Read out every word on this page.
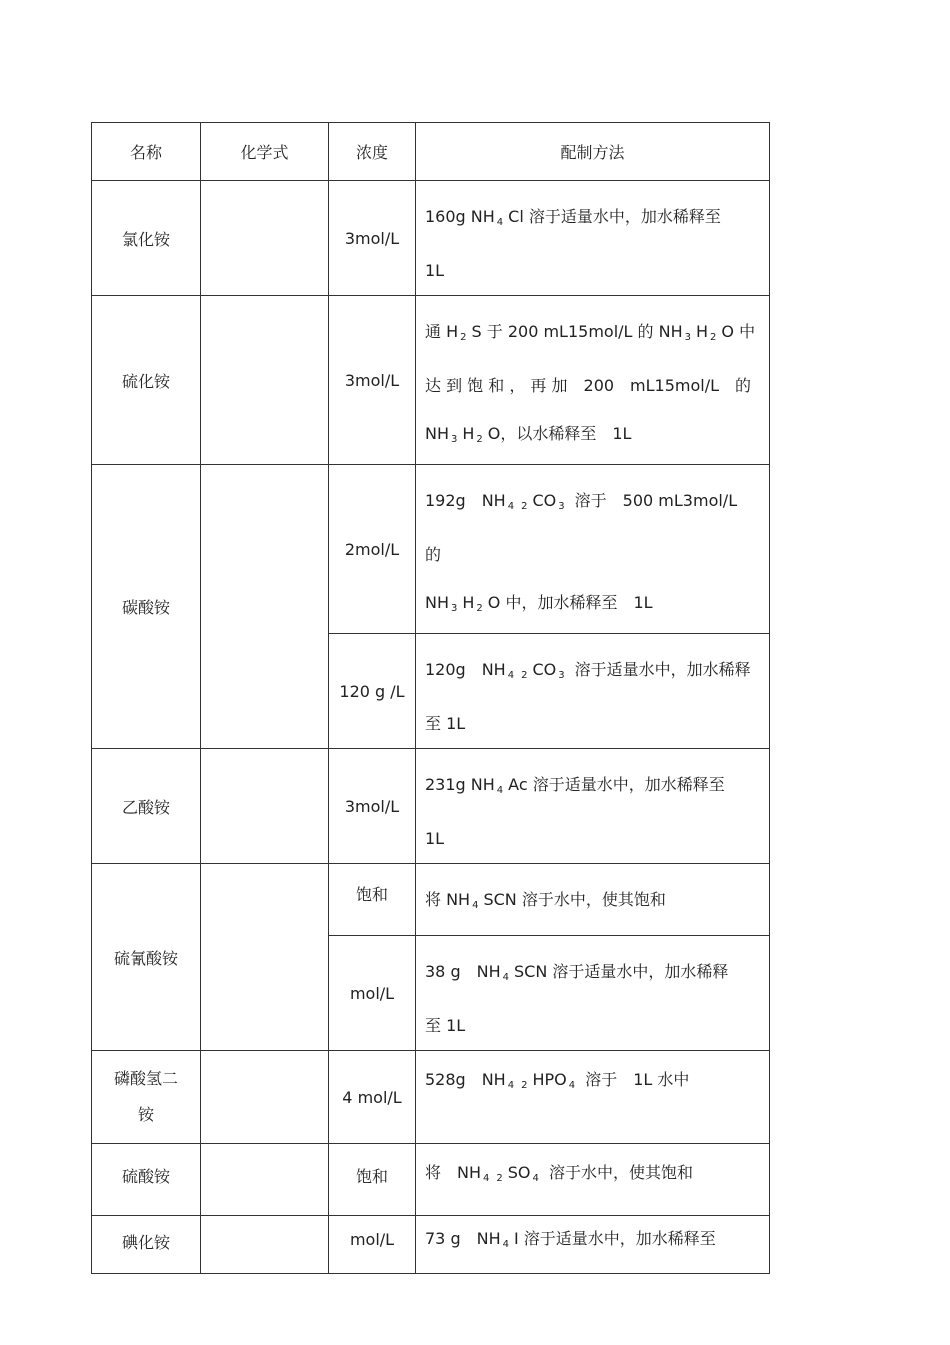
名称	化学式	浓度	配制方法
氯化铵		3mol/L	160g NH $_4$ Cl 溶于适量水中，加水稀释至
1L
硫化铵		3mol/L	通 H $_2$ S 于 200 mL15mol/L 的 NH $_3$ H $_2$ O 中
达 到 饱 和 ， 再 加　200　mL15mol/L　的
NH $_3$ H $_2$ O，以水稀释至　1L
碳酸铵		2mol/L	192g　NH $_4$ $_2$ CO $_3$ 溶于　500 mL3mol/L　的
NH $_3$ H $_2$ O 中，加水稀释至　1L
		120 g /L	120g　NH $_4$ $_2$ CO $_3$ 溶于适量水中，加水稀释
至 1L
乙酸铵		3mol/L	231g NH $_4$ Ac 溶于适量水中，加水稀释至
1L
硫氰酸铵		饱和	将 NH $_4$ SCN 溶于水中，使其饱和
		mol/L	38 g　NH $_4$ SCN 溶于适量水中，加水稀释
至 1L
磷酸氢二
铵		4 mol/L	528g　NH $_4$ $_2$ HPO $_4$ 溶于　1L 水中
硫酸铵		饱和	将　NH $_4$ $_2$ SO $_4$ 溶于水中，使其饱和
碘化铵		mol/L	73 g　NH $_4$ I 溶于适量水中，加水稀释至
